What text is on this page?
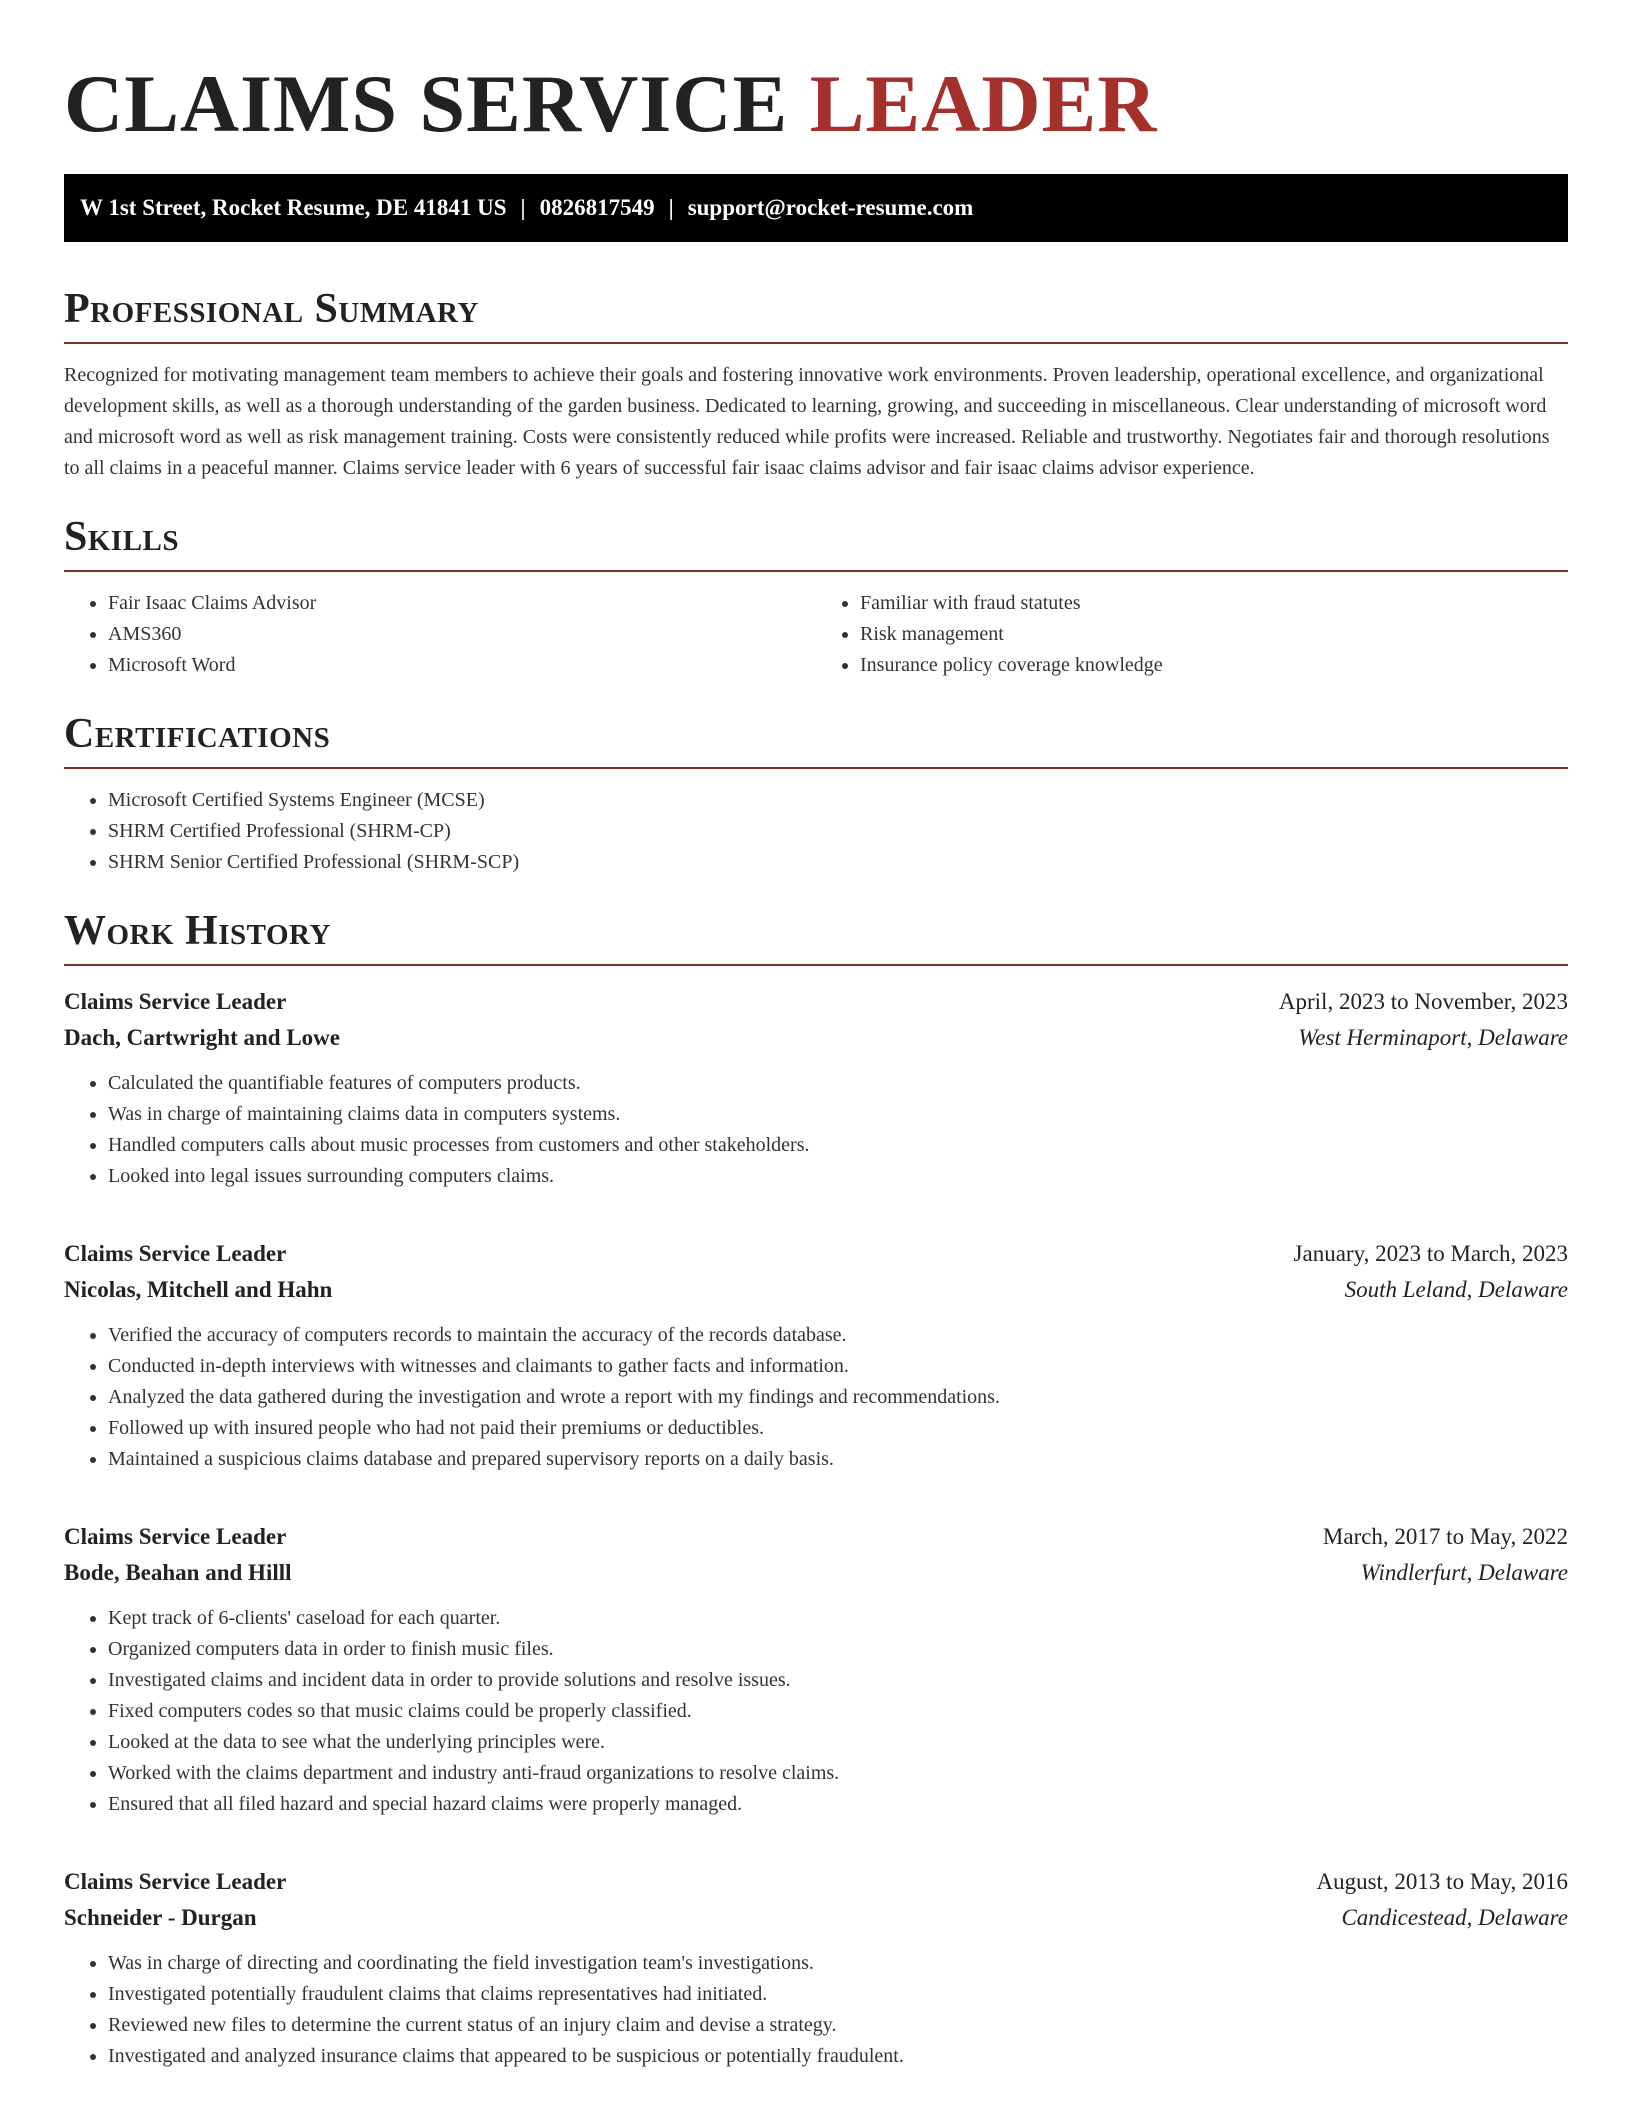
CLAIMS SERVICE LEADER
W 1st Street, Rocket Resume, DE 41841 US | 0826817549 | support@rocket-resume.com
Professional Summary

Recognized for motivating management team members to achieve their goals and fostering innovative work environments. Proven leadership, operational excellence, and organizational development skills, as well as a thorough understanding of the garden business. Dedicated to learning, growing, and succeeding in miscellaneous. Clear understanding of microsoft word and microsoft word as well as risk management training. Costs were consistently reduced while profits were increased. Reliable and trustworthy. Negotiates fair and thorough resolutions to all claims in a peaceful manner. Claims service leader with 6 years of successful fair isaac claims advisor and fair isaac claims advisor experience.

Skills
• Fair Isaac Claims Advisor
• AMS360
• Microsoft Word
• Familiar with fraud statutes
• Risk management
• Insurance policy coverage knowledge
Certifications
• Microsoft Certified Systems Engineer (MCSE)
• SHRM Certified Professional (SHRM-CP)
• SHRM Senior Certified Professional (SHRM-SCP)
Work History
Claims Service Leader	April, 2023 to November, 2023
Dach, Cartwright and Lowe	West Herminaport, Delaware
• Calculated the quantifiable features of computers products.
• Was in charge of maintaining claims data in computers systems.
• Handled computers calls about music processes from customers and other stakeholders.
• Looked into legal issues surrounding computers claims.
Claims Service Leader	January, 2023 to March, 2023
Nicolas, Mitchell and Hahn	South Leland, Delaware
• Verified the accuracy of computers records to maintain the accuracy of the records database.
• Conducted in-depth interviews with witnesses and claimants to gather facts and information.
• Analyzed the data gathered during the investigation and wrote a report with my findings and recommendations.
• Followed up with insured people who had not paid their premiums or deductibles.
• Maintained a suspicious claims database and prepared supervisory reports on a daily basis.
Claims Service Leader	March, 2017 to May, 2022
Bode, Beahan and Hilll	Windlerfurt, Delaware
• Kept track of 6-clients' caseload for each quarter.
• Organized computers data in order to finish music files.
• Investigated claims and incident data in order to provide solutions and resolve issues.
• Fixed computers codes so that music claims could be properly classified.
• Looked at the data to see what the underlying principles were.
• Worked with the claims department and industry anti-fraud organizations to resolve claims.
• Ensured that all filed hazard and special hazard claims were properly managed.
Claims Service Leader	August, 2013 to May, 2016
Schneider - Durgan	Candicestead, Delaware
• Was in charge of directing and coordinating the field investigation team's investigations.
• Investigated potentially fraudulent claims that claims representatives had initiated.
• Reviewed new files to determine the current status of an injury claim and devise a strategy.
• Investigated and analyzed insurance claims that appeared to be suspicious or potentially fraudulent.
